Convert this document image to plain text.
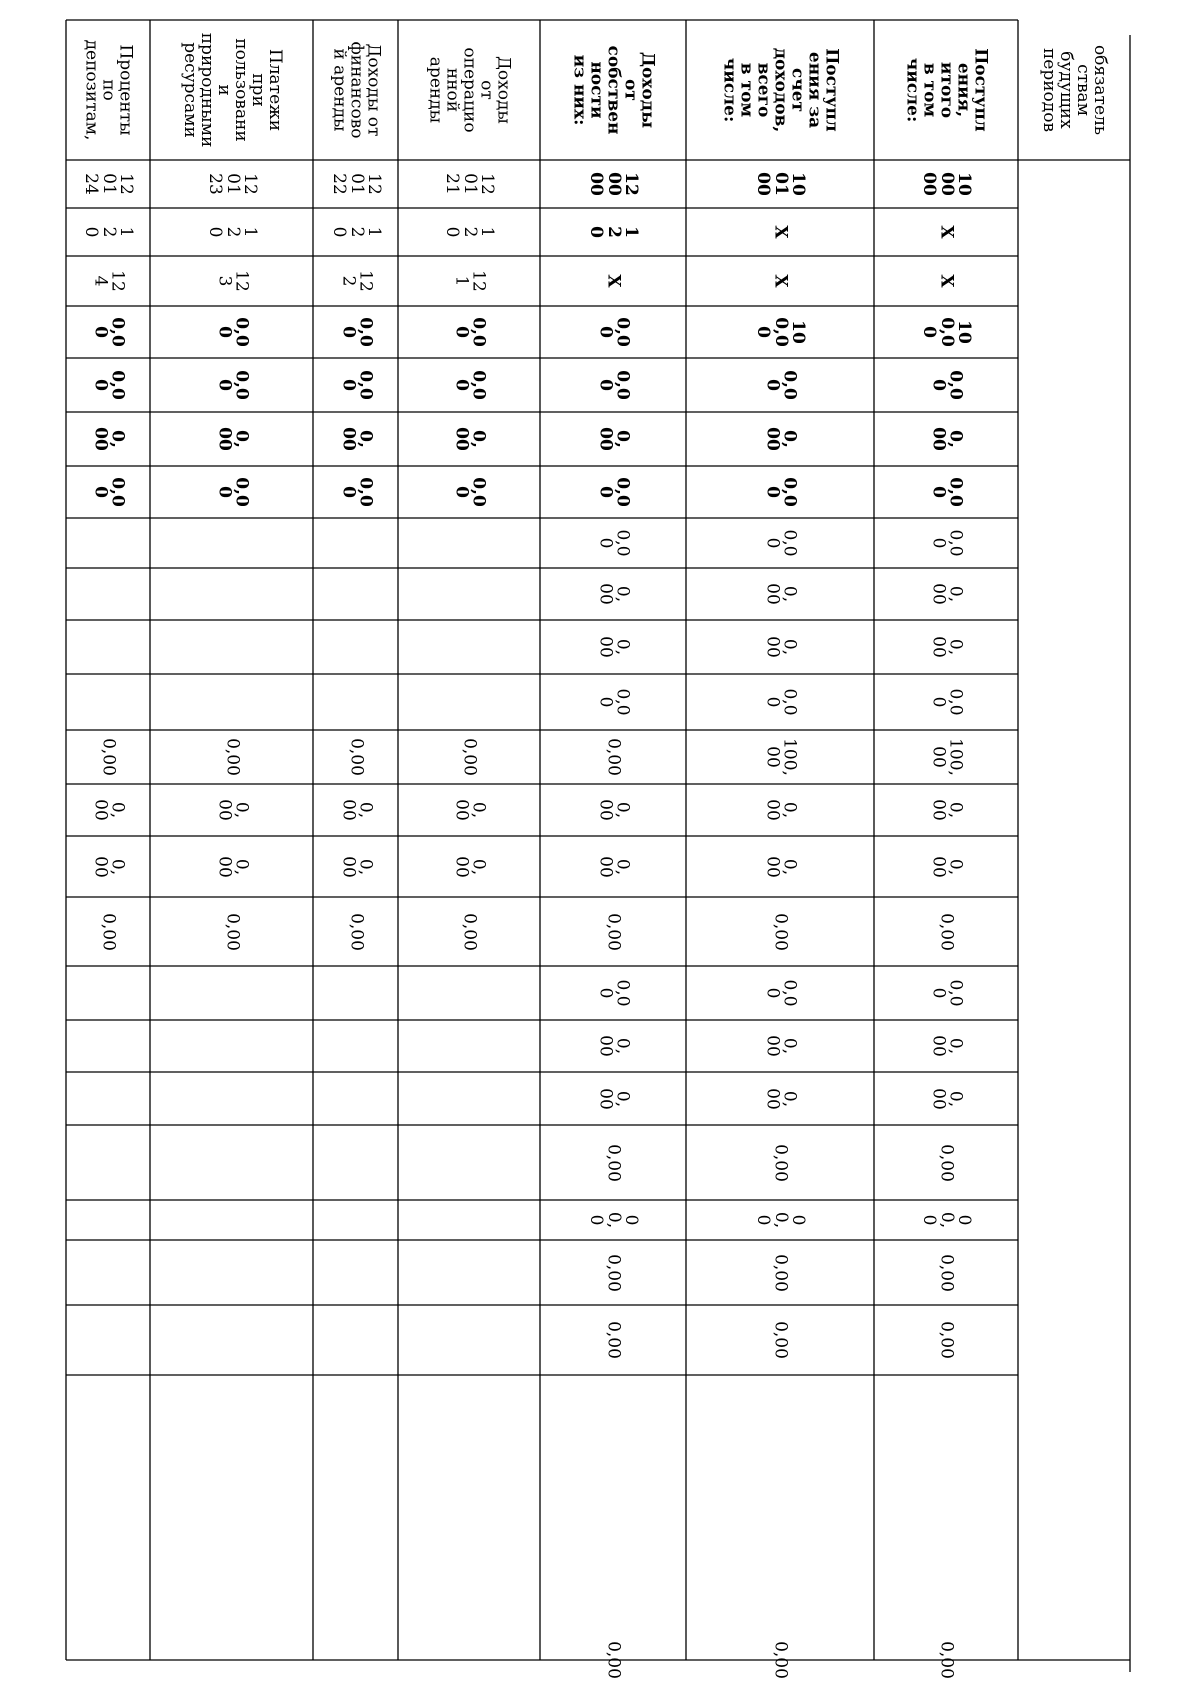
обязатель
ствам
будущих
периодов
Поступл
ения,
итого
в том
числе:
10
00
00
Х
Х
10
0,0
0
0,0
0
0,
00
0,0
0
0,0
0
0,
00
0,
00
0,0
0
100,
00
0,
00
0,
00
0,00
0,0
0
0,
00
0,
00
0,00
0
0,
0
0,00
0,00
0,00
Поступл
ения за
счет
доходов,
всего
в том
числе:
10
01
00
Х
Х
10
0,0
0
0,0
0
0,
00
0,0
0
0,0
0
0,
00
0,
00
0,0
0
100,
00
0,
00
0,
00
0,00
0,0
0
0,
00
0,
00
0,00
0
0,
0
0,00
0,00
0,00
Доходы
от
собствен
ности
из них:
12
00
00
1
2
0
Х
0,0
0
0,0
0
0,
00
0,0
0
0,0
0
0,
00
0,
00
0,0
0
0,00
0,
00
0,
00
0,00
0,0
0
0,
00
0,
00
0,00
0
0,
0
0,00
0,00
0,00
Доходы
от
операцио
нной
аренды
12
01
21
1
2
0
12
1
0,0
0
0,0
0
0,
00
0,0
0
0,00
0,
00
0,
00
0,00
Доходы от
финансово
й аренды
12
01
22
1
2
0
12
2
0,0
0
0,0
0
0,
00
0,0
0
0,00
0,
00
0,
00
0,00
Платежи
при
пользовани
и
природными
ресурсами
12
01
23
1
2
0
12
3
0,0
0
0,0
0
0,
00
0,0
0
0,00
0,
00
0,
00
0,00
Проценты
по
депозитам,
12
01
24
1
2
0
12
4
0,0
0
0,0
0
0,
00
0,0
0
0,00
0,
00
0,
00
0,00
